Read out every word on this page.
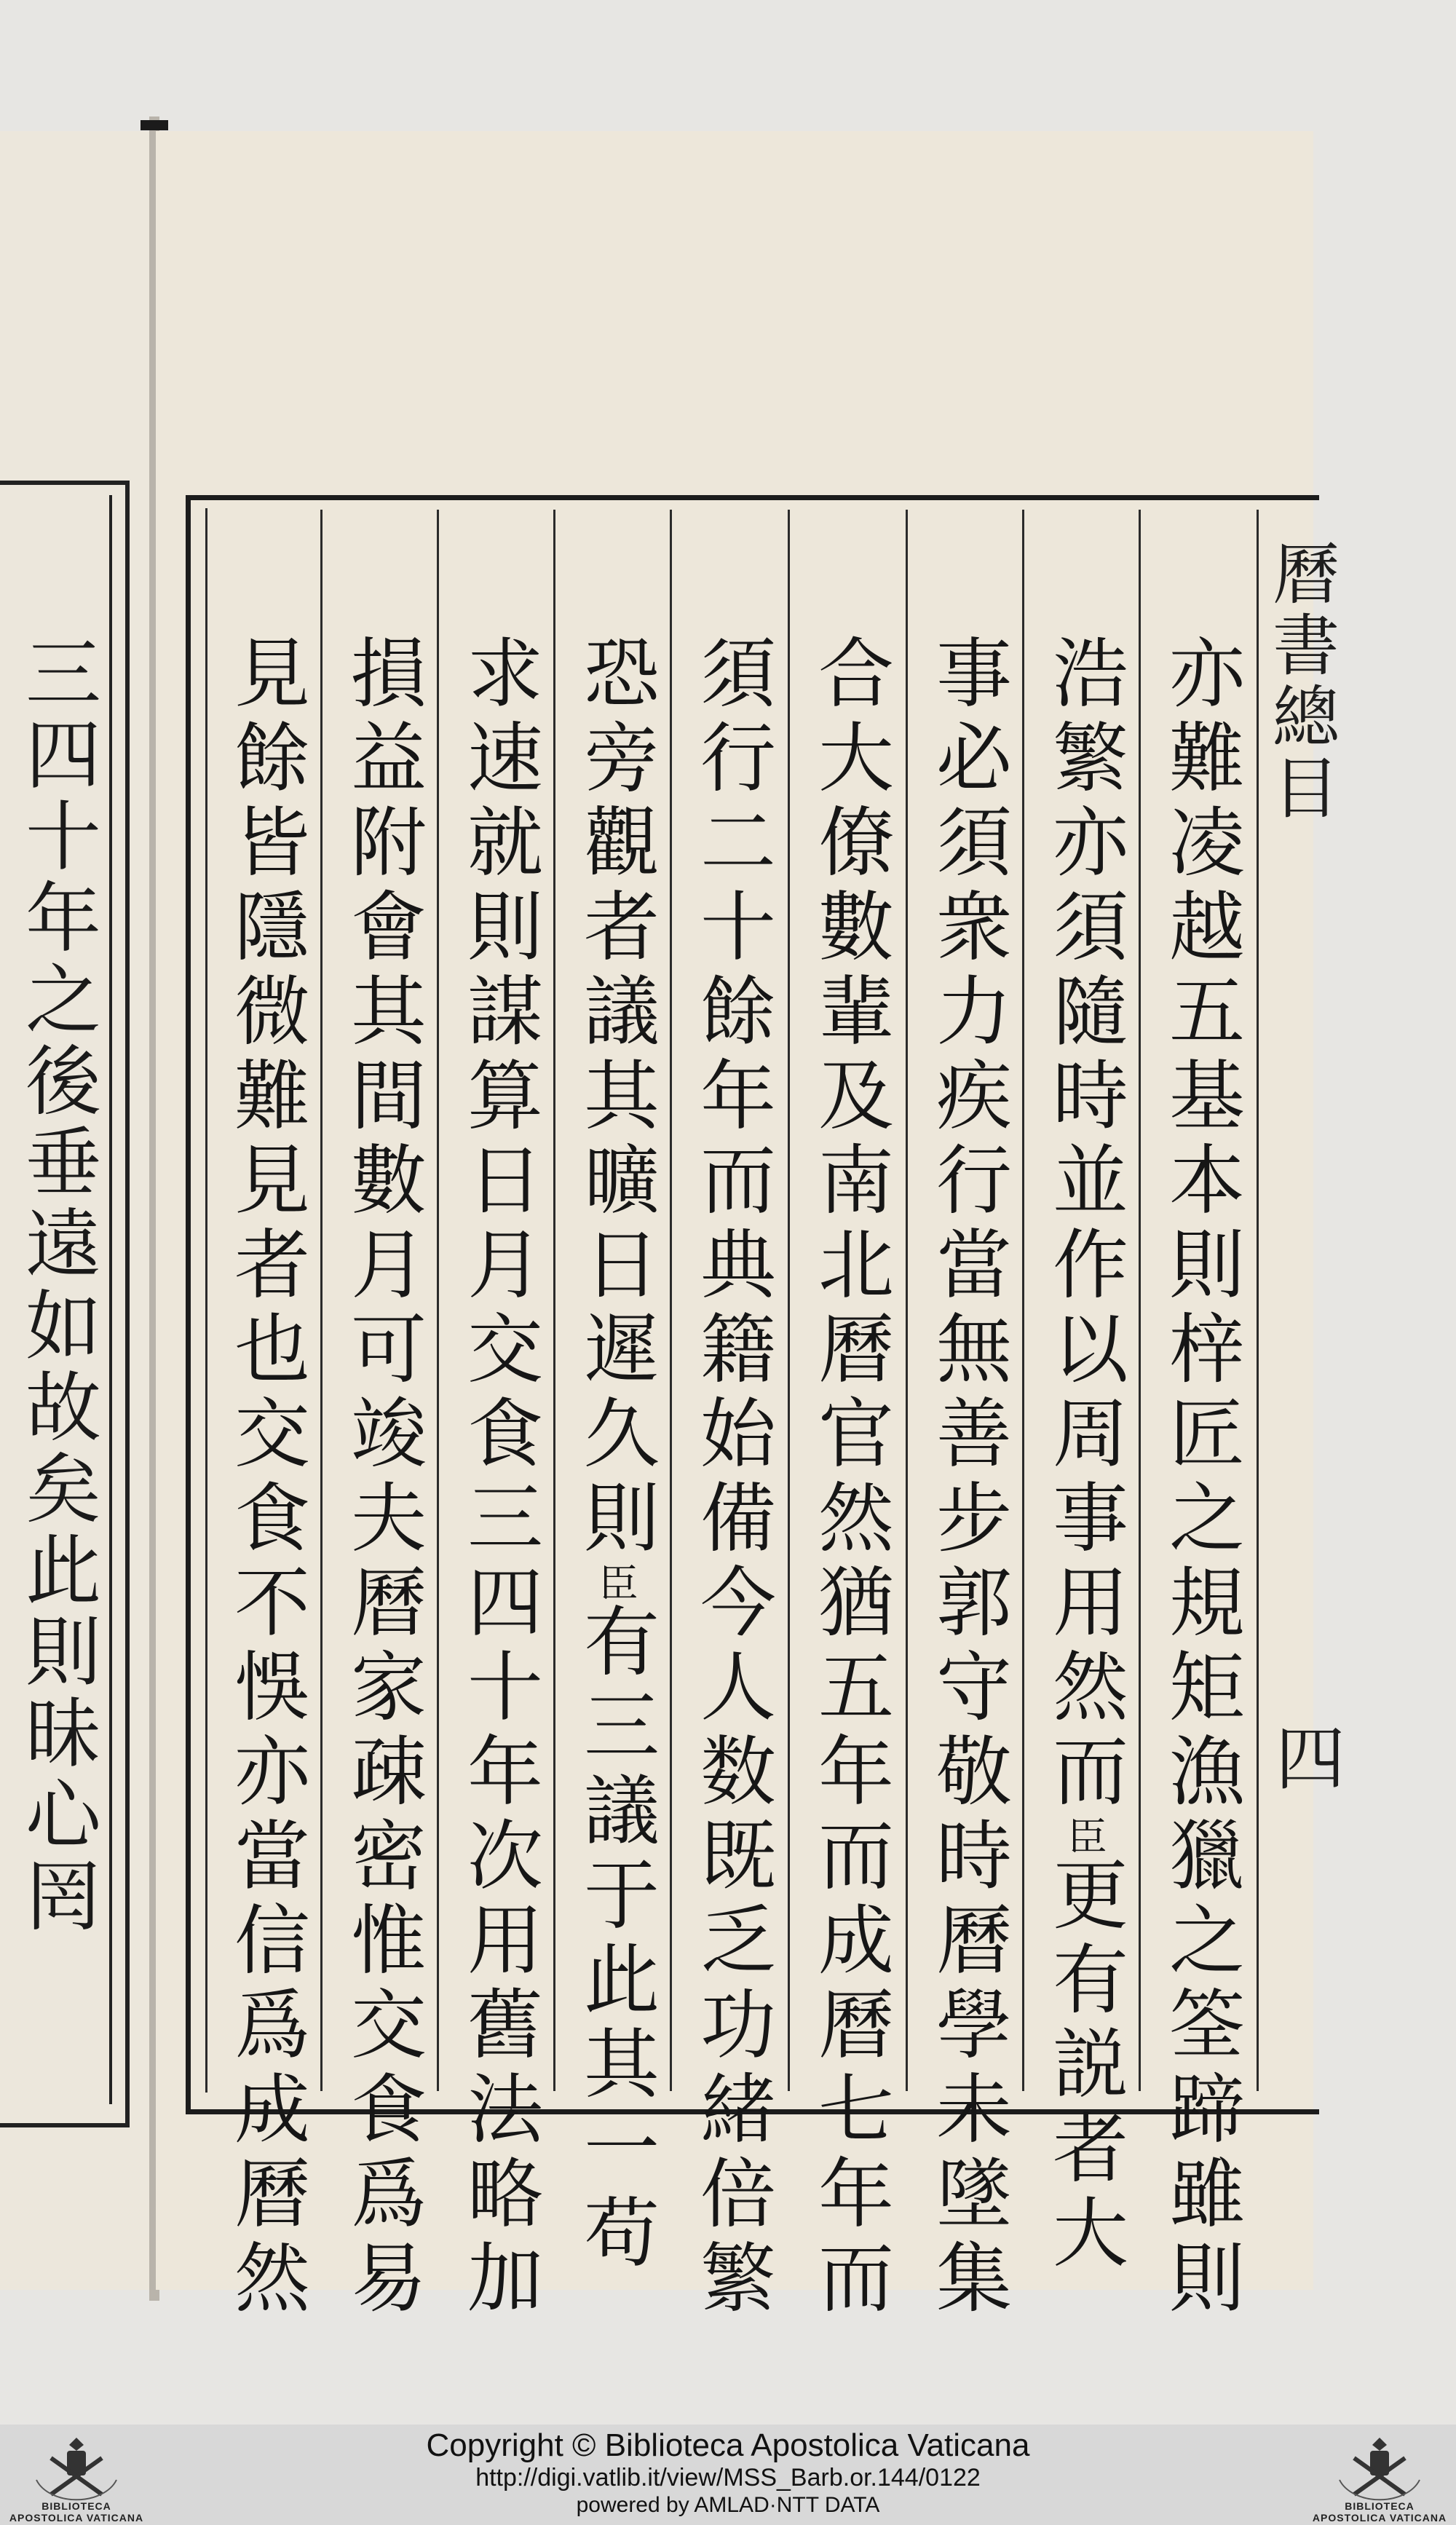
三四十年之後垂遠如故矣此則昧心罔	曆書總目
四
亦難凌越五基本則梓匠之規矩漁獵之筌蹄雖則
浩繁亦須隨時並作以周事用然而臣更有説者大
事必須衆力疾行當無善步郭守敬時曆學未墜集
合大僚數輩及南北曆官然猶五年而成曆七年而
須行二十餘年而典籍始備今人数既乏功緒倍繁
恐旁觀者議其曠日遲久則臣有三議于此其一苟
求速就則謀算日月交食三四十年次用舊法略加
損益附會其間數月可竣夫曆家疎密惟交食爲易
見餘皆隱微難見者也交食不悞亦當信爲成曆然
BIBLIOTECA APOSTOLICA VATICANA
BIBLIOTECA APOSTOLICA VATICANA
Copyright © Biblioteca Apostolica Vaticana
http://digi.vatlib.it/view/MSS_Barb.or.144/0122
powered by AMLAD·NTT DATA
